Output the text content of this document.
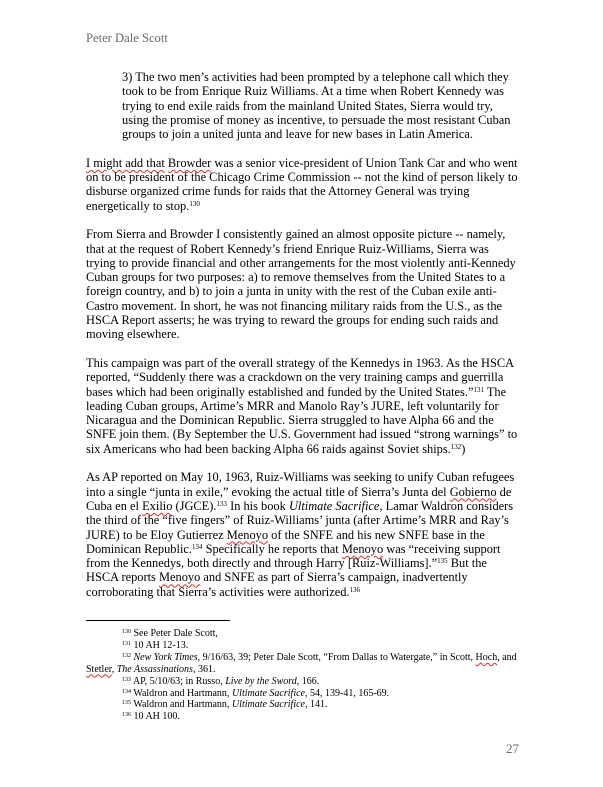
Peter Dale Scott

3) The two men’s activities had been prompted by a telephone call which they took to be from Enrique Ruiz Williams. At a time when Robert Kennedy was trying to end exile raids from the mainland United States, Sierra would try, using the promise of money as incentive, to persuade the most resistant Cuban groups to join a united junta and leave for new bases in Latin America.

I might add that Browder was a senior vice-president of Union Tank Car and who went on to be president of the Chicago Crime Commission -- not the kind of person likely to disburse organized crime funds for raids that the Attorney General was trying energetically to stop.$^{130}$

From Sierra and Browder I consistently gained an almost opposite picture -- namely, that at the request of Robert Kennedy’s friend Enrique Ruiz-Williams, Sierra was trying to provide financial and other arrangements for the most violently anti-Kennedy Cuban groups for two purposes: a) to remove themselves from the United States to a foreign country, and b) to join a junta in unity with the rest of the Cuban exile anti-Castro movement. In short, he was not financing military raids from the U.S., as the HSCA Report asserts; he was trying to reward the groups for ending such raids and moving elsewhere.

This campaign was part of the overall strategy of the Kennedys in 1963. As the HSCA reported, “Suddenly there was a crackdown on the very training camps and guerrilla bases which had been originally established and funded by the United States.”$^{131}$ The leading Cuban groups, Artime’s MRR and Manolo Ray’s JURE, left voluntarily for Nicaragua and the Dominican Republic. Sierra struggled to have Alpha 66 and the SNFE join them. (By September the U.S. Government had issued “strong warnings” to six Americans who had been backing Alpha 66 raids against Soviet ships.$^{132}$)

As AP reported on May 10, 1963, Ruiz-Williams was seeking to unify Cuban refugees into a single “junta in exile,” evoking the actual title of Sierra’s Junta del Gobierno de Cuba en el Exilio (JGCE).$^{133}$ In his book Ultimate Sacrifice, Lamar Waldron considers the third of the “five fingers” of Ruiz-Williams’ junta (after Artime’s MRR and Ray’s JURE) to be Eloy Gutierrez Menoyo of the SNFE and his new SNFE base in the Dominican Republic.$^{134}$ Specifically he reports that Menoyo was “receiving support from the Kennedys, both directly and through Harry [Ruiz-Williams].”$^{135}$ But the HSCA reports Menoyo and SNFE as part of Sierra’s campaign, inadvertently corroborating that Sierra’s activities were authorized.$^{136}$

$^{130}$ See Peter Dale Scott,

$^{131}$ 10 AH 12-13.

$^{132}$ New York Times, 9/16/63, 39; Peter Dale Scott, “From Dallas to Watergate,” in Scott, Hoch, and Stetler, The Assassinations, 361.

$^{133}$ AP, 5/10/63; in Russo, Live by the Sword, 166.

$^{134}$ Waldron and Hartmann, Ultimate Sacrifice, 54, 139-41, 165-69.

$^{135}$ Waldron and Hartmann, Ultimate Sacrifice, 141.

$^{136}$ 10 AH 100.

27
